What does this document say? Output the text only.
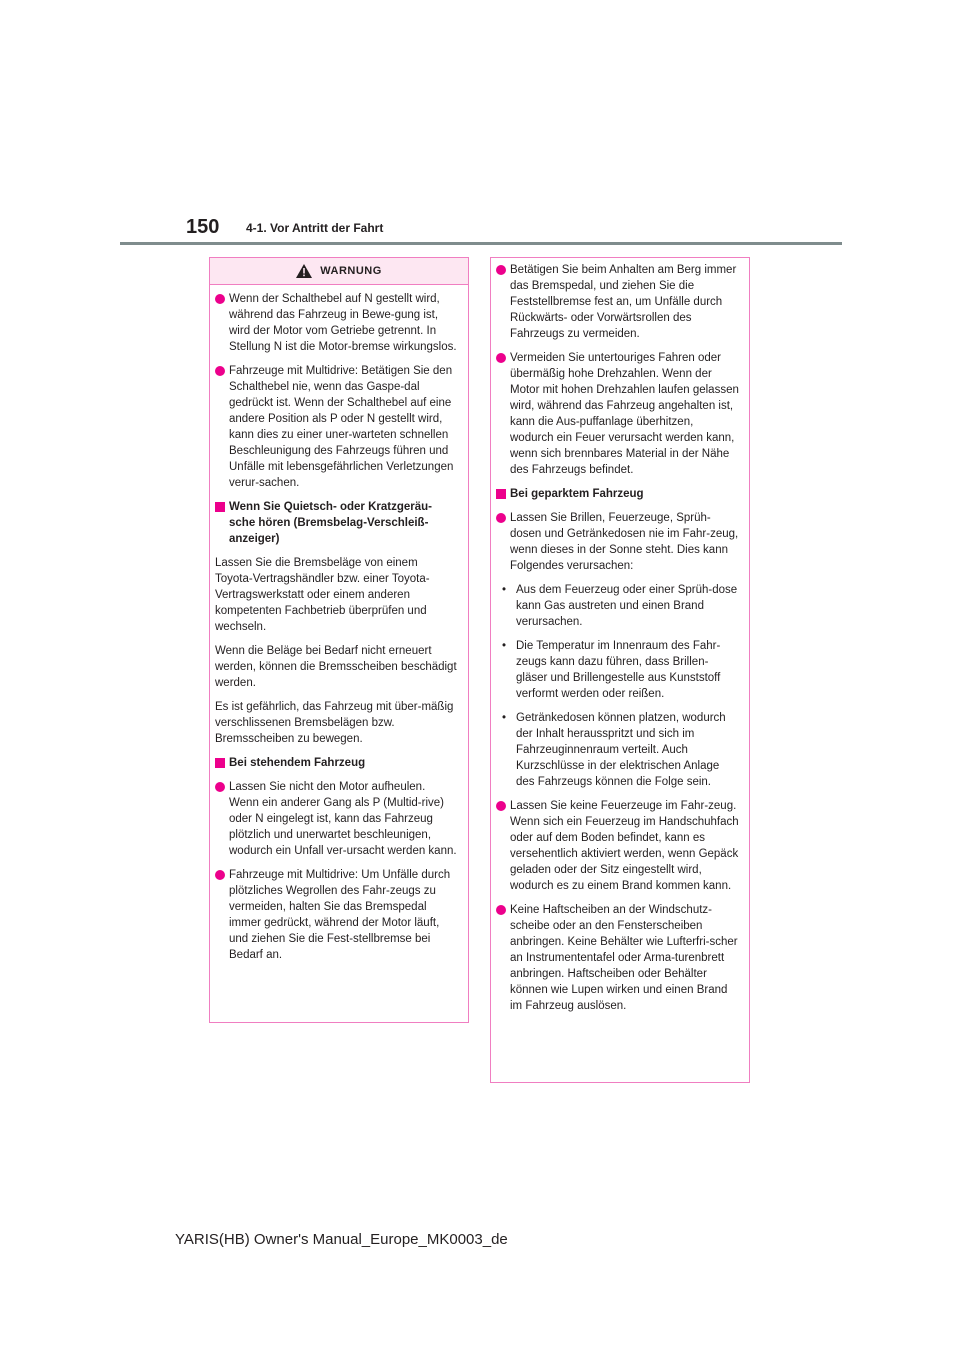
150 4-1. Vor Antritt der Fahrt
WARNUNG
Wenn der Schalthebel auf N gestellt wird, während das Fahrzeug in Bewe-gung ist, wird der Motor vom Getriebe getrennt. In Stellung N ist die Motor-bremse wirkungslos.
Fahrzeuge mit Multidrive: Betätigen Sie den Schalthebel nie, wenn das Gaspe-dal gedrückt ist. Wenn der Schalthebel auf eine andere Position als P oder N gestellt wird, kann dies zu einer uner-warteten schnellen Beschleunigung des Fahrzeugs führen und Unfälle mit lebensgefährlichen Verletzungen verur-sachen.
Wenn Sie Quietsch- oder Kratzgeräu-sche hören (Bremsbelag-Verschleiß-anzeiger)
Lassen Sie die Bremsbeläge von einem Toyota-Vertragshändler bzw. einer Toyota-Vertragswerkstatt oder einem anderen kompetenten Fachbetrieb überprüfen und wechseln.
Wenn die Beläge bei Bedarf nicht erneuert werden, können die Bremsscheiben beschädigt werden.
Es ist gefährlich, das Fahrzeug mit über-mäßig verschlissenen Bremsbelägen bzw. Bremsscheiben zu bewegen.
Bei stehendem Fahrzeug
Lassen Sie nicht den Motor aufheulen. Wenn ein anderer Gang als P (Multid-rive) oder N eingelegt ist, kann das Fahrzeug plötzlich und unerwartet beschleunigen, wodurch ein Unfall ver-ursacht werden kann.
Fahrzeuge mit Multidrive: Um Unfälle durch plötzliches Wegrollen des Fahr-zeugs zu vermeiden, halten Sie das Bremspedal immer gedrückt, während der Motor läuft, und ziehen Sie die Fest-stellbremse bei Bedarf an.
Betätigen Sie beim Anhalten am Berg immer das Bremspedal, und ziehen Sie die Feststellbremse fest an, um Unfälle durch Rückwärts- oder Vorwärtsrollen des Fahrzeugs zu vermeiden.
Vermeiden Sie untertouriges Fahren oder übermäßig hohe Drehzahlen. Wenn der Motor mit hohen Drehzahlen laufen gelassen wird, während das Fahrzeug angehalten ist, kann die Aus-puffanlage überhitzen, wodurch ein Feuer verursacht werden kann, wenn sich brennbares Material in der Nähe des Fahrzeugs befindet.
Bei geparktem Fahrzeug
Lassen Sie Brillen, Feuerzeuge, Sprüh-dosen und Getränkedosen nie im Fahr-zeug, wenn dieses in der Sonne steht. Dies kann Folgendes verursachen:
• Aus dem Feuerzeug oder einer Sprüh-dose kann Gas austreten und einen Brand verursachen.
• Die Temperatur im Innenraum des Fahr-zeugs kann dazu führen, dass Brillen-gläser und Brillengestelle aus Kunststoff verformt werden oder reißen.
• Getränkedosen können platzen, wodurch der Inhalt herausspritzt und sich im Fahrzeuginnenraum verteilt. Auch Kurzschlüsse in der elektrischen Anlage des Fahrzeugs können die Folge sein.
Lassen Sie keine Feuerzeuge im Fahr-zeug. Wenn sich ein Feuerzeug im Handschuhfach oder auf dem Boden befindet, kann es versehentlich aktiviert werden, wenn Gepäck geladen oder der Sitz eingestellt wird, wodurch es zu einem Brand kommen kann.
Keine Haftscheiben an der Windschutz-scheibe oder an den Fensterscheiben anbringen. Keine Behälter wie Lufterfri-scher an Instrumententafel oder Arma-turenbrett anbringen. Haftscheiben oder Behälter können wie Lupen wirken und einen Brand im Fahrzeug auslösen.
YARIS(HB) Owner's Manual_Europe_MK0003_de
